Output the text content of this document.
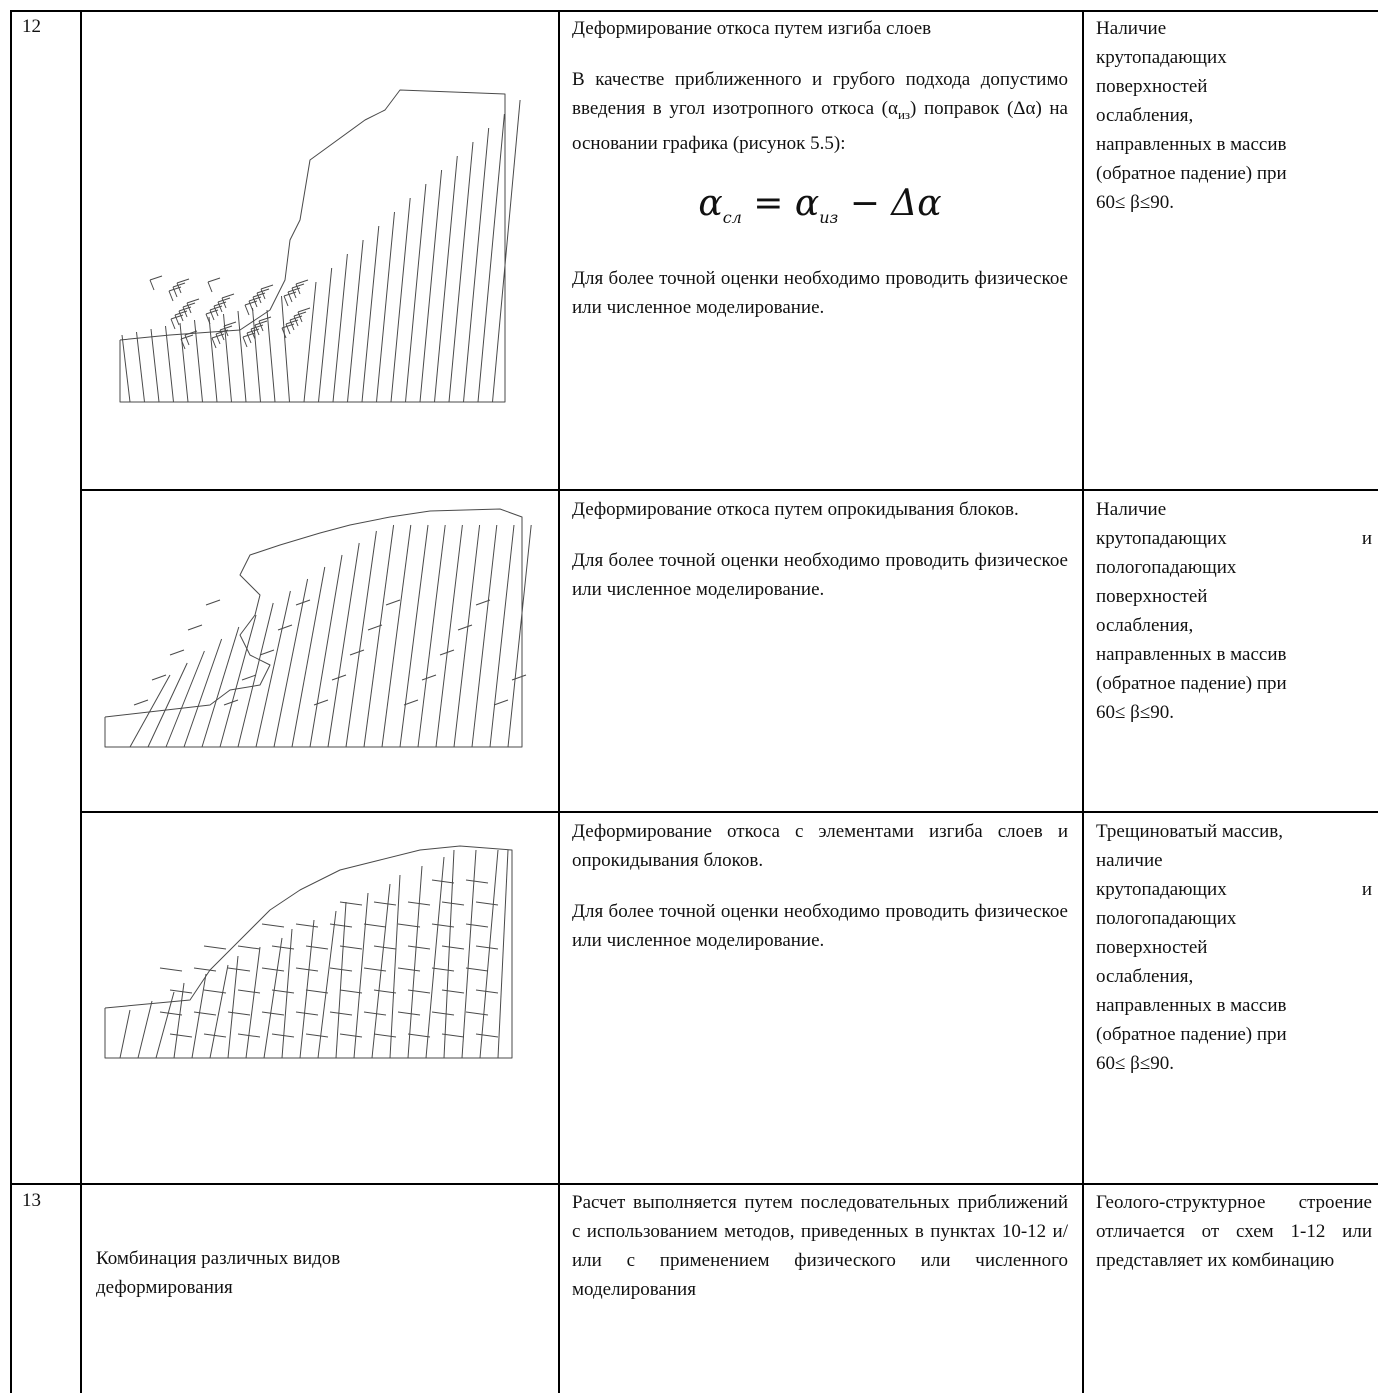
12	Деформирование откоса путем изгиба слоев

В качестве приближенного и грубого подхода допустимо введения в угол изотропного откоса $(\alpha_{из})$ поправок (Δα) на основании графика (рисунок 5.5):

$\alpha_{сл} = \alpha_{из} - \Delta\alpha$

Для более точной оценки необходимо проводить физическое или численное моделирование.

Наличие

крутопадающих

поверхностей

ослабления,

направленных в массив

(обратное падение) при

60≤ β≤90.

Деформирование откоса путем опрокидывания блоков.

Для более точной оценки необходимо проводить физическое или численное моделирование.

Наличие

крутопадающих и

пологопадающих

поверхностей

ослабления,

направленных в массив

(обратное падение) при

60≤ β≤90.

Деформирование откоса с элементами изгиба слоев и опрокидывания блоков.

Для более точной оценки необходимо проводить физическое или численное моделирование.

Трещиноватый массив,

наличие

крутопадающих и

пологопадающих

поверхностей

ослабления,

направленных в массив

(обратное падение) при

60≤ β≤90.

13
Комбинация различных видов деформирования

Расчет выполняется путем последовательных приближений с использованием методов, приведенных в пунктах 10-12 и/или с применением физического или численного моделирования

Геолого-структурное строение отличается от схем 1-12 или представляет их комбинацию
